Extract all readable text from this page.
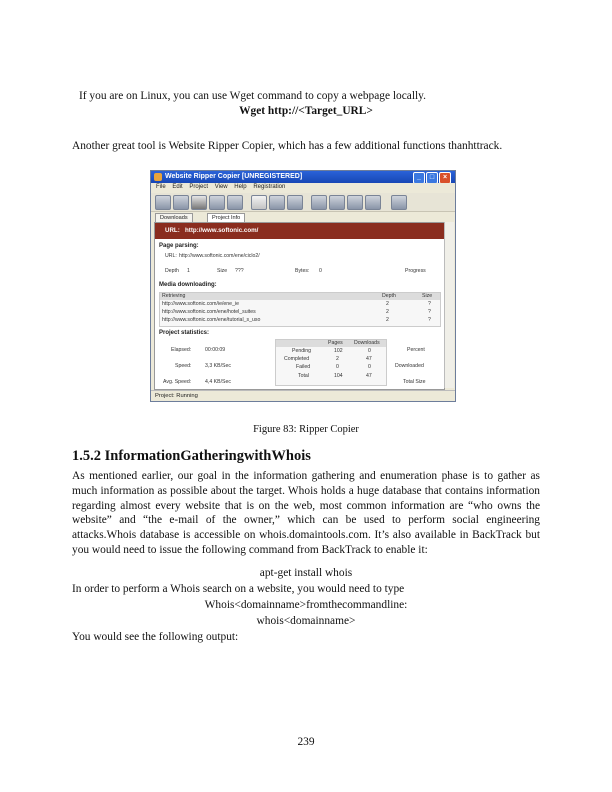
If you are on Linux, you can use Wget command to copy a webpage locally.
Wget http://<Target_URL>
Another great tool is Website Ripper Copier, which has a few additional functions thanhttrack.
Website Ripper Copier [UNREGISTERED]	_	□	×
File Edit Project View Help Registration
Downloads	Project Info
URL: http://www.softonic.com/
Page parsing:
URL: http://www.softonic.com/ene/ciclo2/
Depth 1	Size ???	Bytes: 0	Progress
Media downloading:
Retrieving	Depth	Size
http://www.softonic.com/ie/ene_ie	2	?
http://www.softonic.com/ene/hotel_suites	2	?
http://www.softonic.com/ene/tutorial_s_uso	2	?
Project statistics:
Elapsed:	00:00:09
Speed:	3,3 KB/Sec
Avg. Speed:	4,4 KB/Sec
Pages Downloads
Pending	102	0
Completed	2	47
Failed	0	0
Total	104	47
Percent
Downloaded
Total Size
Project: Running
Figure 83: Ripper Copier
1.5.2 InformationGatheringwithWhois
As mentioned earlier, our goal in the information gathering and enumeration phase is to gather as much information as possible about the target. Whois holds a huge database that contains information regarding almost every website that is on the web, most common information are “who owns the website” and “the e-mail of the owner,” which can be used to perform social engineering attacks.Whois database is accessible on whois.domaintools.com. It’s also available in BackTrack but you would need to issue the following command from BackTrack to enable it:
apt-get install whois
In order to perform a Whois search on a website, you would need to type
Whois<domainname>fromthecommandline:
whois<domainname>
You would see the following output:
239
